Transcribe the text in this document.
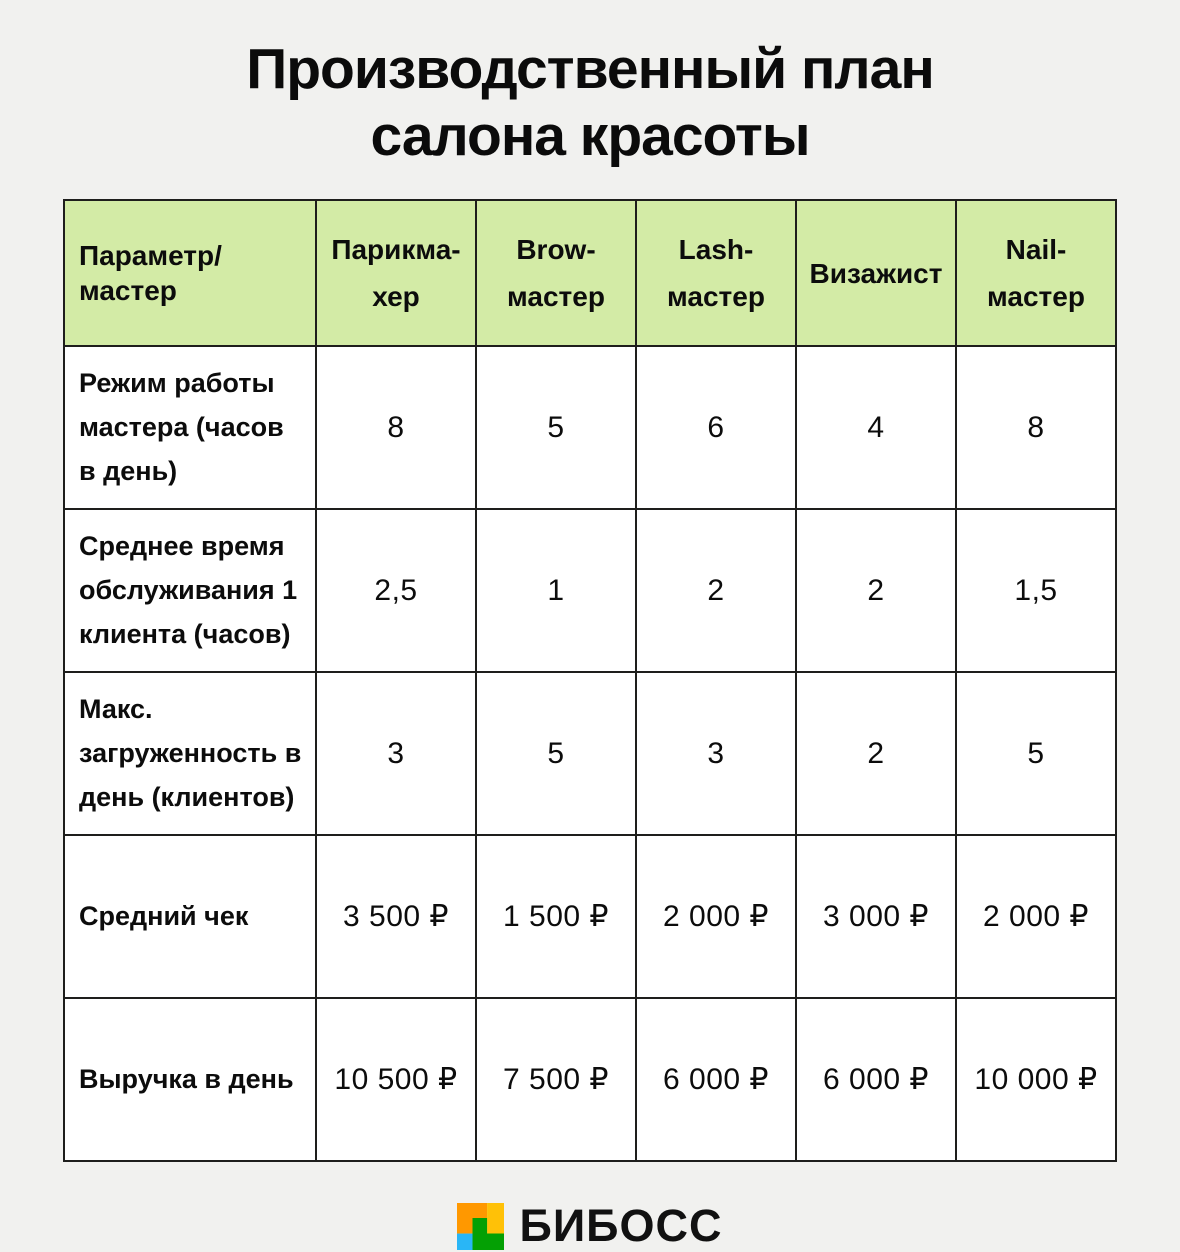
Производственный план
салона красоты
Параметр/ мастер	Парикма-хер	Brow-мастер	Lash-мастер	Визажист	Nail-мастер
Режим работы мастера (часов в день)	8	5	6	4	8
Среднее время обслуживания 1 клиента (часов)	2,5	1	2	2	1,5
Макс. загруженность в день (клиентов)	3	5	3	2	5
Средний чек	3 500 ₽	1 500 ₽	2 000 ₽	3 000 ₽	2 000 ₽
Выручка в день	10 500 ₽	7 500 ₽	6 000 ₽	6 000 ₽	10 000 ₽
БИБОСС
